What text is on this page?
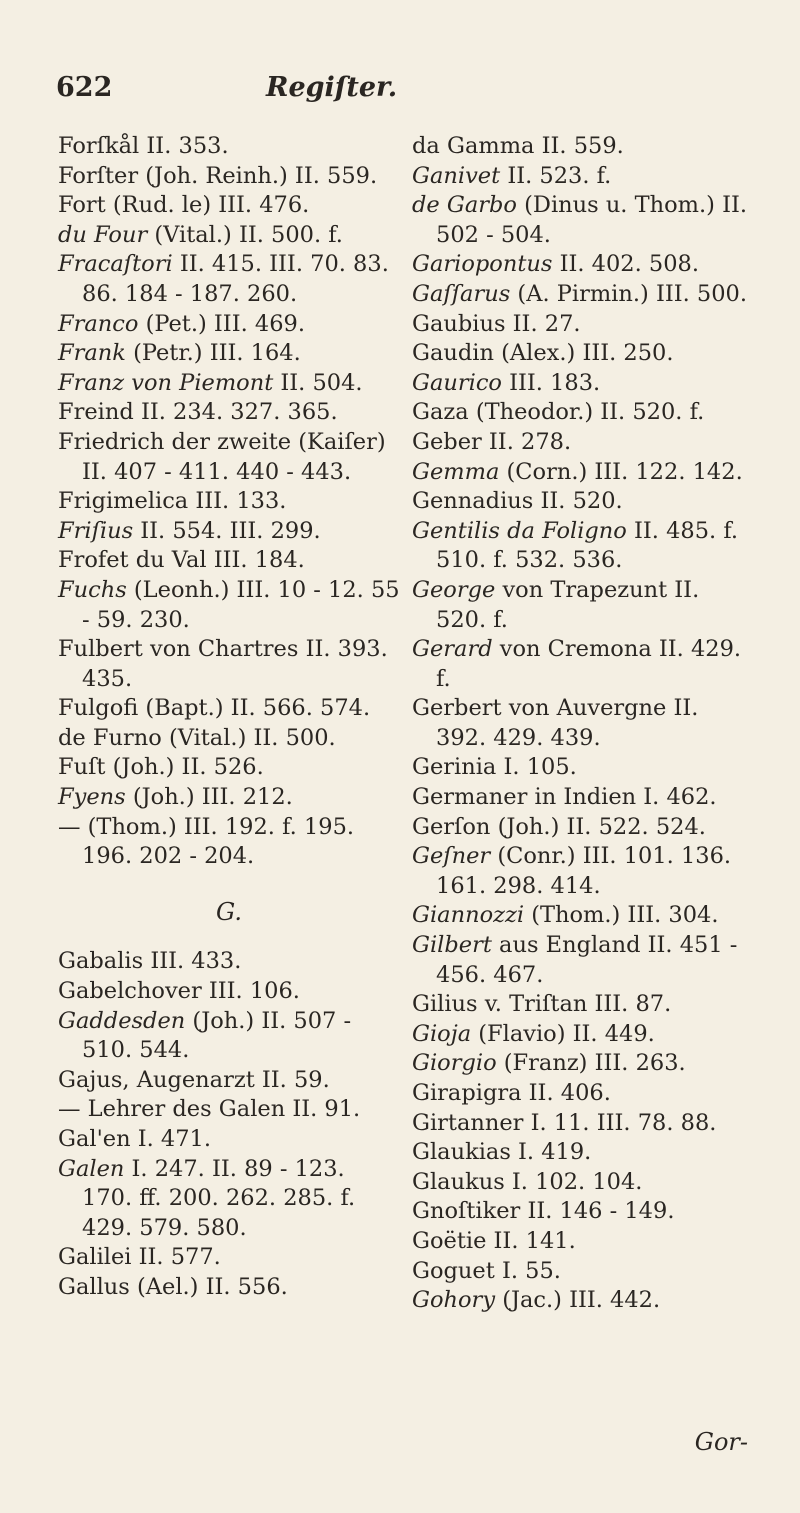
622	Regiſter.
Forſkål II. 353.
Forſter (Joh. Reinh.) II. 559.
Fort (Rud. le) III. 476.
du Four (Vital.) II. 500. f.
Fracaſtori II. 415. III. 70. 83. 86. 184 - 187. 260.
Franco (Pet.) III. 469.
Frank (Petr.) III. 164.
Franz von Piemont II. 504.
Freind II. 234. 327. 365.
Friedrich der zweite (Kaiſer) II. 407 - 411. 440 - 443.
Frigimelica III. 133.
Friſius II. 554. III. 299.
Frofet du Val III. 184.
Fuchs (Leonh.) III. 10 - 12. 55 - 59. 230.
Fulbert von Chartres II. 393. 435.
Fulgofi (Bapt.) II. 566. 574.
de Furno (Vital.) II. 500.
Fuſt (Joh.) II. 526.
Fyens (Joh.) III. 212.
— (Thom.) III. 192. f. 195. 196. 202 - 204.
G.
Gabalis III. 433.
Gabelchover III. 106.
Gaddesden (Joh.) II. 507 - 510. 544.
Gajus, Augenarzt II. 59.
— Lehrer des Galen II. 91.
Gal'en I. 471.
Galen I. 247. II. 89 - 123. 170. ff. 200. 262. 285. f. 429. 579. 580.
Galilei II. 577.
Gallus (Ael.) II. 556.
da Gamma II. 559.
Ganivet II. 523. f.
de Garbo (Dinus u. Thom.) II. 502 - 504.
Gariopontus II. 402. 508.
Gaſſarus (A. Pirmin.) III. 500.
Gaubius II. 27.
Gaudin (Alex.) III. 250.
Gaurico III. 183.
Gaza (Theodor.) II. 520. f.
Geber II. 278.
Gemma (Corn.) III. 122. 142.
Gennadius II. 520.
Gentilis da Foligno II. 485. f. 510. f. 532. 536.
George von Trapezunt II. 520. f.
Gerard von Cremona II. 429. f.
Gerbert von Auvergne II. 392. 429. 439.
Gerinia I. 105.
Germaner in Indien I. 462.
Gerſon (Joh.) II. 522. 524.
Geſner (Conr.) III. 101. 136. 161. 298. 414.
Giannozzi (Thom.) III. 304.
Gilbert aus England II. 451 - 456. 467.
Gilius v. Triſtan III. 87.
Gioja (Flavio) II. 449.
Giorgio (Franz) III. 263.
Girapigra II. 406.
Girtanner I. 11. III. 78. 88.
Glaukias I. 419.
Glaukus I. 102. 104.
Gnoſtiker II. 146 - 149.
Goëtie II. 141.
Goguet I. 55.
Gohory (Jac.) III. 442.
Gor-
